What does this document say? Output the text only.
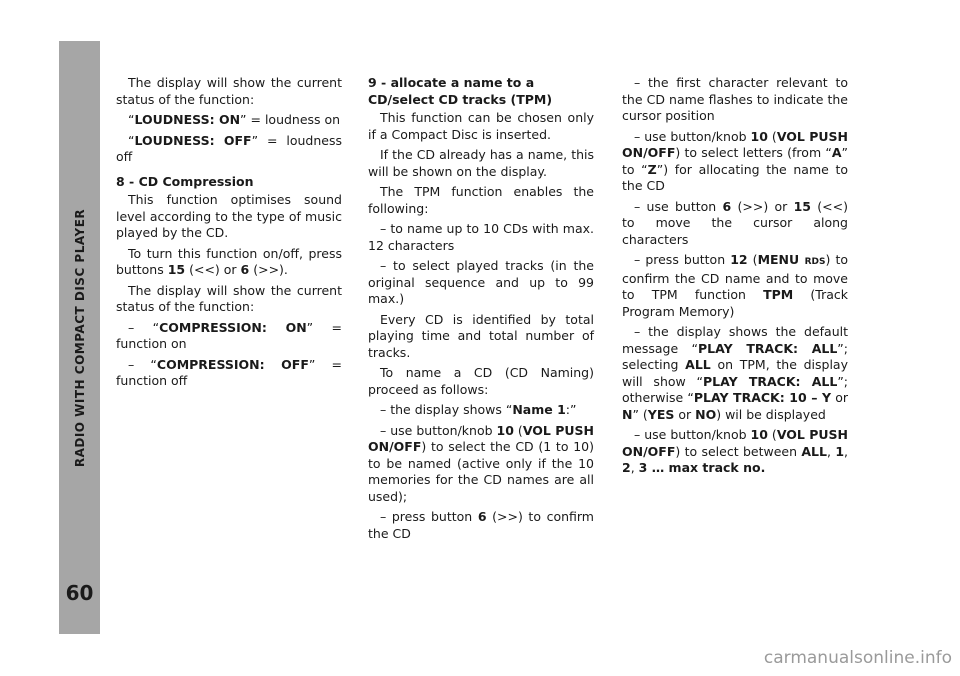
RADIO WITH COMPACT DISC PLAYER
60

The display will show the current status of the function:

“LOUDNESS: ON” = loudness on

“LOUDNESS: OFF” = loudness off

8 - CD Compression

This function optimises sound level according to the type of music played by the CD.

To turn this function on/off, press buttons 15 (<<) or 6 (>>).

The display will show the current status of the function:

– “COMPRESSION: ON” = function on

– “COMPRESSION: OFF” = function off

9 - allocate a name to a CD/select CD tracks (TPM)

This function can be chosen only if a Compact Disc is inserted.

If the CD already has a name, this will be shown on the display.

The TPM function enables the following:

– to name up to 10 CDs with max. 12 characters

– to select played tracks (in the original sequence and up to 99 max.)

Every CD is identified by total playing time and total number of tracks.

To name a CD (CD Naming) proceed as follows:

– the display shows “Name 1:”

– use button/knob 10 (VOL PUSH ON/OFF) to select the CD (1 to 10) to be named (active only if the 10 memories for the CD names are all used);

– press button 6 (>>) to confirm the CD

– the first character relevant to the CD name flashes to indicate the cursor position

– use button/knob 10 (VOL PUSH ON/OFF) to select letters (from “A” to “Z”) for allocating the name to the CD

– use button 6 (>>) or 15 (<<) to move the cursor along characters

– press button 12 (MENU RDS) to confirm the CD name and to move to TPM function TPM (Track Program Memory)

– the display shows the default message “PLAY TRACK: ALL”; selecting ALL on TPM, the display will show “PLAY TRACK: ALL”; otherwise “PLAY TRACK: 10 – Y or N” (YES or NO) wil be displayed

– use button/knob 10 (VOL PUSH ON/OFF) to select between ALL, 1, 2, 3 … max track no.

carmanualsonline.info
